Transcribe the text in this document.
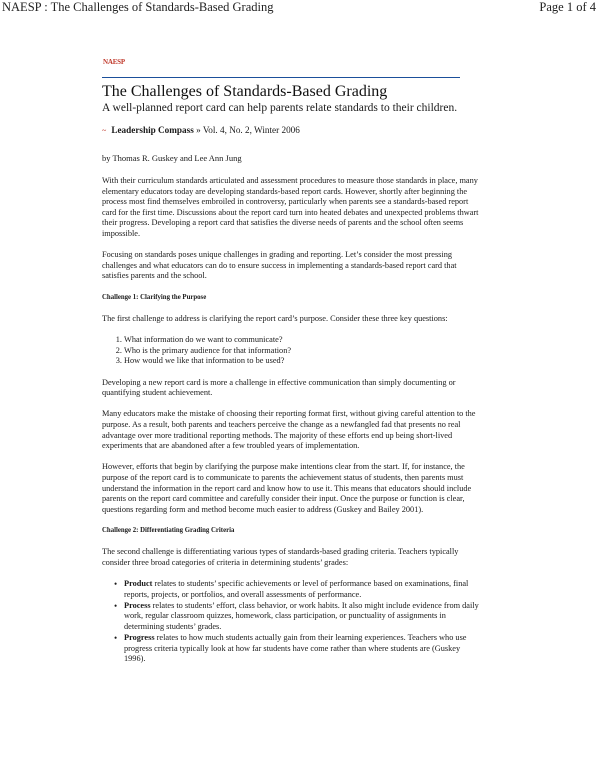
NAESP : The Challenges of Standards-Based Grading	Page 1 of 4
NAESP
The Challenges of Standards-Based Grading
A well-planned report card can help parents relate standards to their children.
~ Leadership Compass » Vol. 4, No. 2, Winter 2006

by Thomas R. Guskey and Lee Ann Jung

With their curriculum standards articulated and assessment procedures to measure those standards in place, many elementary educators today are developing standards-based report cards. However, shortly after beginning the process most find themselves embroiled in controversy, particularly when parents see a standards-based report card for the first time. Discussions about the report card turn into heated debates and unexpected problems thwart their progress. Developing a report card that satisfies the diverse needs of parents and the school often seems impossible.

Focusing on standards poses unique challenges in grading and reporting. Let’s consider the most pressing challenges and what educators can do to ensure success in implementing a standards-based report card that satisfies parents and the school.

Challenge 1: Clarifying the Purpose

The first challenge to address is clarifying the report card’s purpose. Consider these three key questions:

1. What information do we want to communicate?
2. Who is the primary audience for that information?
3. How would we like that information to be used?

Developing a new report card is more a challenge in effective communication than simply documenting or quantifying student achievement.

Many educators make the mistake of choosing their reporting format first, without giving careful attention to the purpose. As a result, both parents and teachers perceive the change as a newfangled fad that presents no real advantage over more traditional reporting methods. The majority of these efforts end up being short-lived experiments that are abandoned after a few troubled years of implementation.

However, efforts that begin by clarifying the purpose make intentions clear from the start. If, for instance, the purpose of the report card is to communicate to parents the achievement status of students, then parents must understand the information in the report card and know how to use it. This means that educators should include parents on the report card committee and carefully consider their input. Once the purpose or function is clear, questions regarding form and method become much easier to address (Guskey and Bailey 2001).

Challenge 2: Differentiating Grading Criteria

The second challenge is differentiating various types of standards-based grading criteria. Teachers typically consider three broad categories of criteria in determining students’ grades:

• Product relates to students’ specific achievements or level of performance based on examinations, final reports, projects, or portfolios, and overall assessments of performance.
• Process relates to students’ effort, class behavior, or work habits. It also might include evidence from daily work, regular classroom quizzes, homework, class participation, or punctuality of assignments in determining students’ grades.
• Progress relates to how much students actually gain from their learning experiences. Teachers who use progress criteria typically look at how far students have come rather than where students are (Guskey 1996).
